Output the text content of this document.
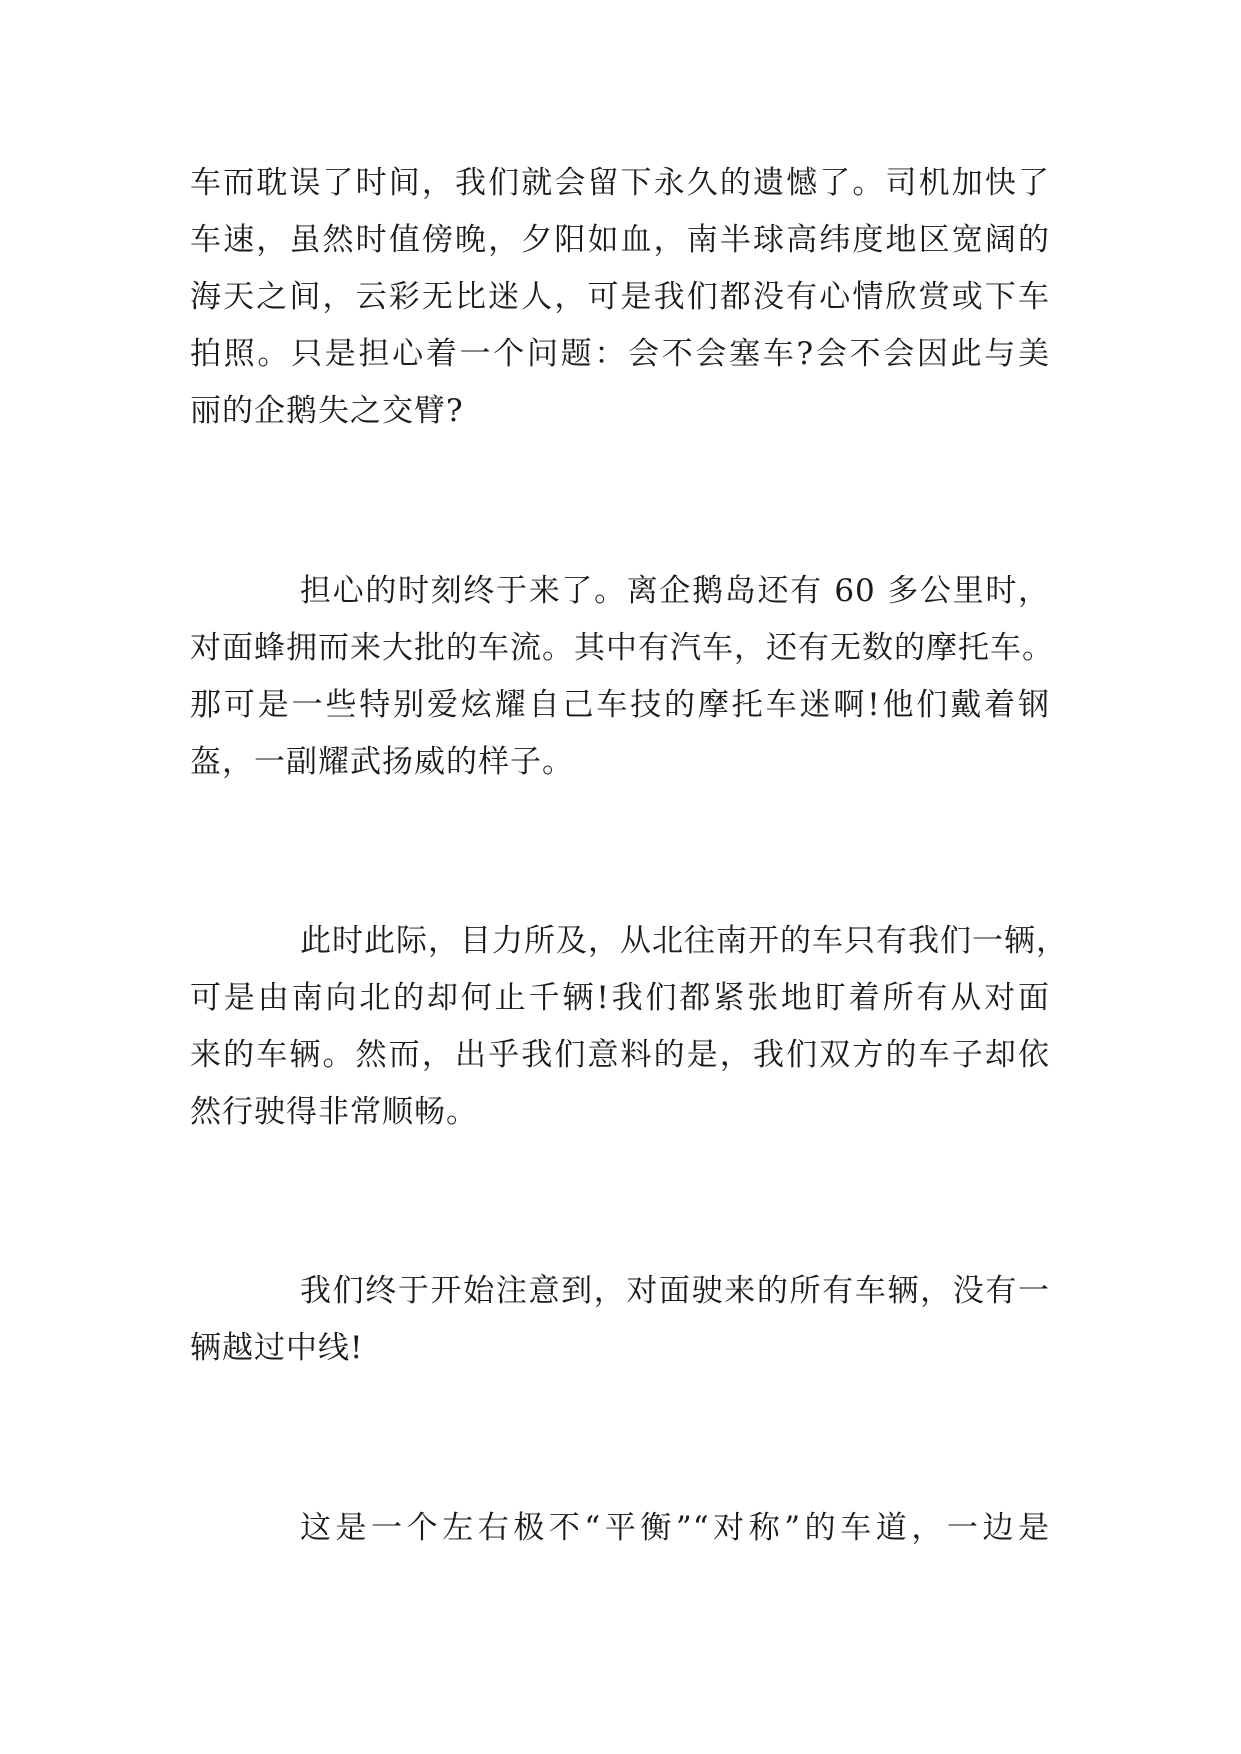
车而耽误了时间，我们就会留下永久的遗憾了。司机加快了
车速，虽然时值傍晚，夕阳如血，南半球高纬度地区宽阔的
海天之间，云彩无比迷人，可是我们都没有心情欣赏或下车
拍照。只是担心着一个问题：会不会塞车?会不会因此与美
丽的企鹅失之交臂?

担心的时刻终于来了。离企鹅岛还有 60 多公里时，
对面蜂拥而来大批的车流。其中有汽车，还有无数的摩托车。
那可是一些特别爱炫耀自己车技的摩托车迷啊!他们戴着钢
盔，一副耀武扬威的样子。

此时此际，目力所及，从北往南开的车只有我们一辆，
可是由南向北的却何止千辆!我们都紧张地盯着所有从对面
来的车辆。然而，出乎我们意料的是，我们双方的车子却依
然行驶得非常顺畅。

我们终于开始注意到，对面驶来的所有车辆，没有一
辆越过中线!

这是一个左右极不“平衡”“对称”的车道，一边是
